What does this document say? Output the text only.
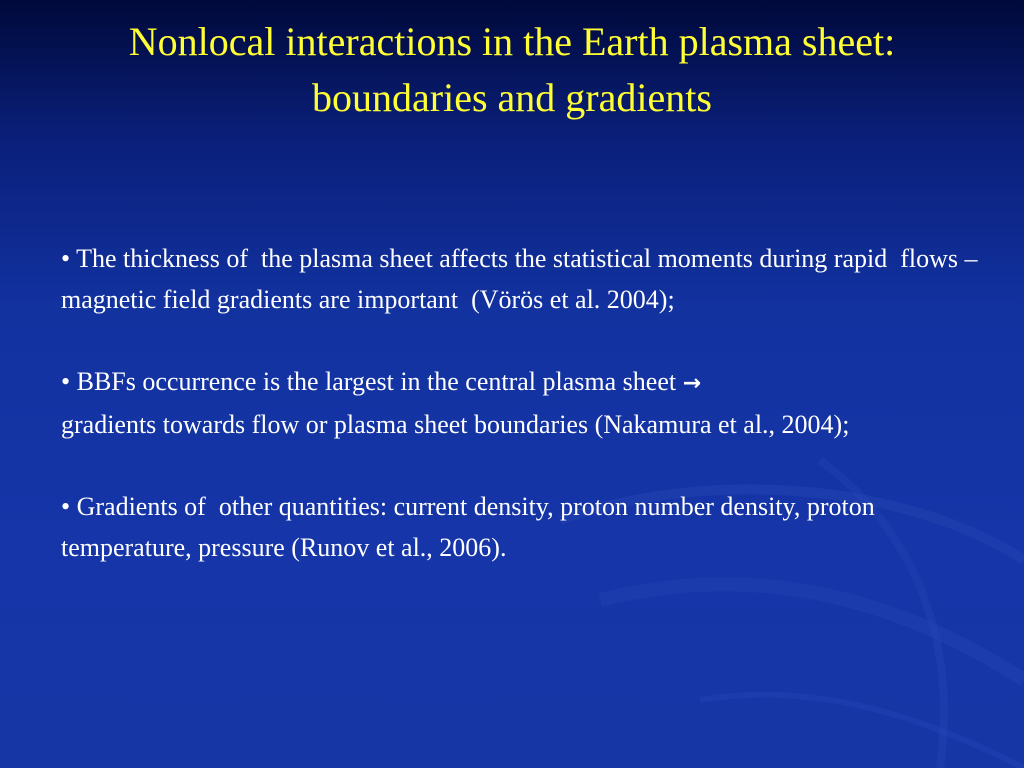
Nonlocal interactions in the Earth plasma sheet:
boundaries and gradients

• The thickness of  the plasma sheet affects the statistical moments during rapid  flows – magnetic field gradients are important  (Vörös et al. 2004);

• BBFs occurrence is the largest in the central plasma sheet →
gradients towards flow or plasma sheet boundaries (Nakamura et al., 2004);

• Gradients of  other quantities: current density, proton number density, proton temperature, pressure (Runov et al., 2006).
